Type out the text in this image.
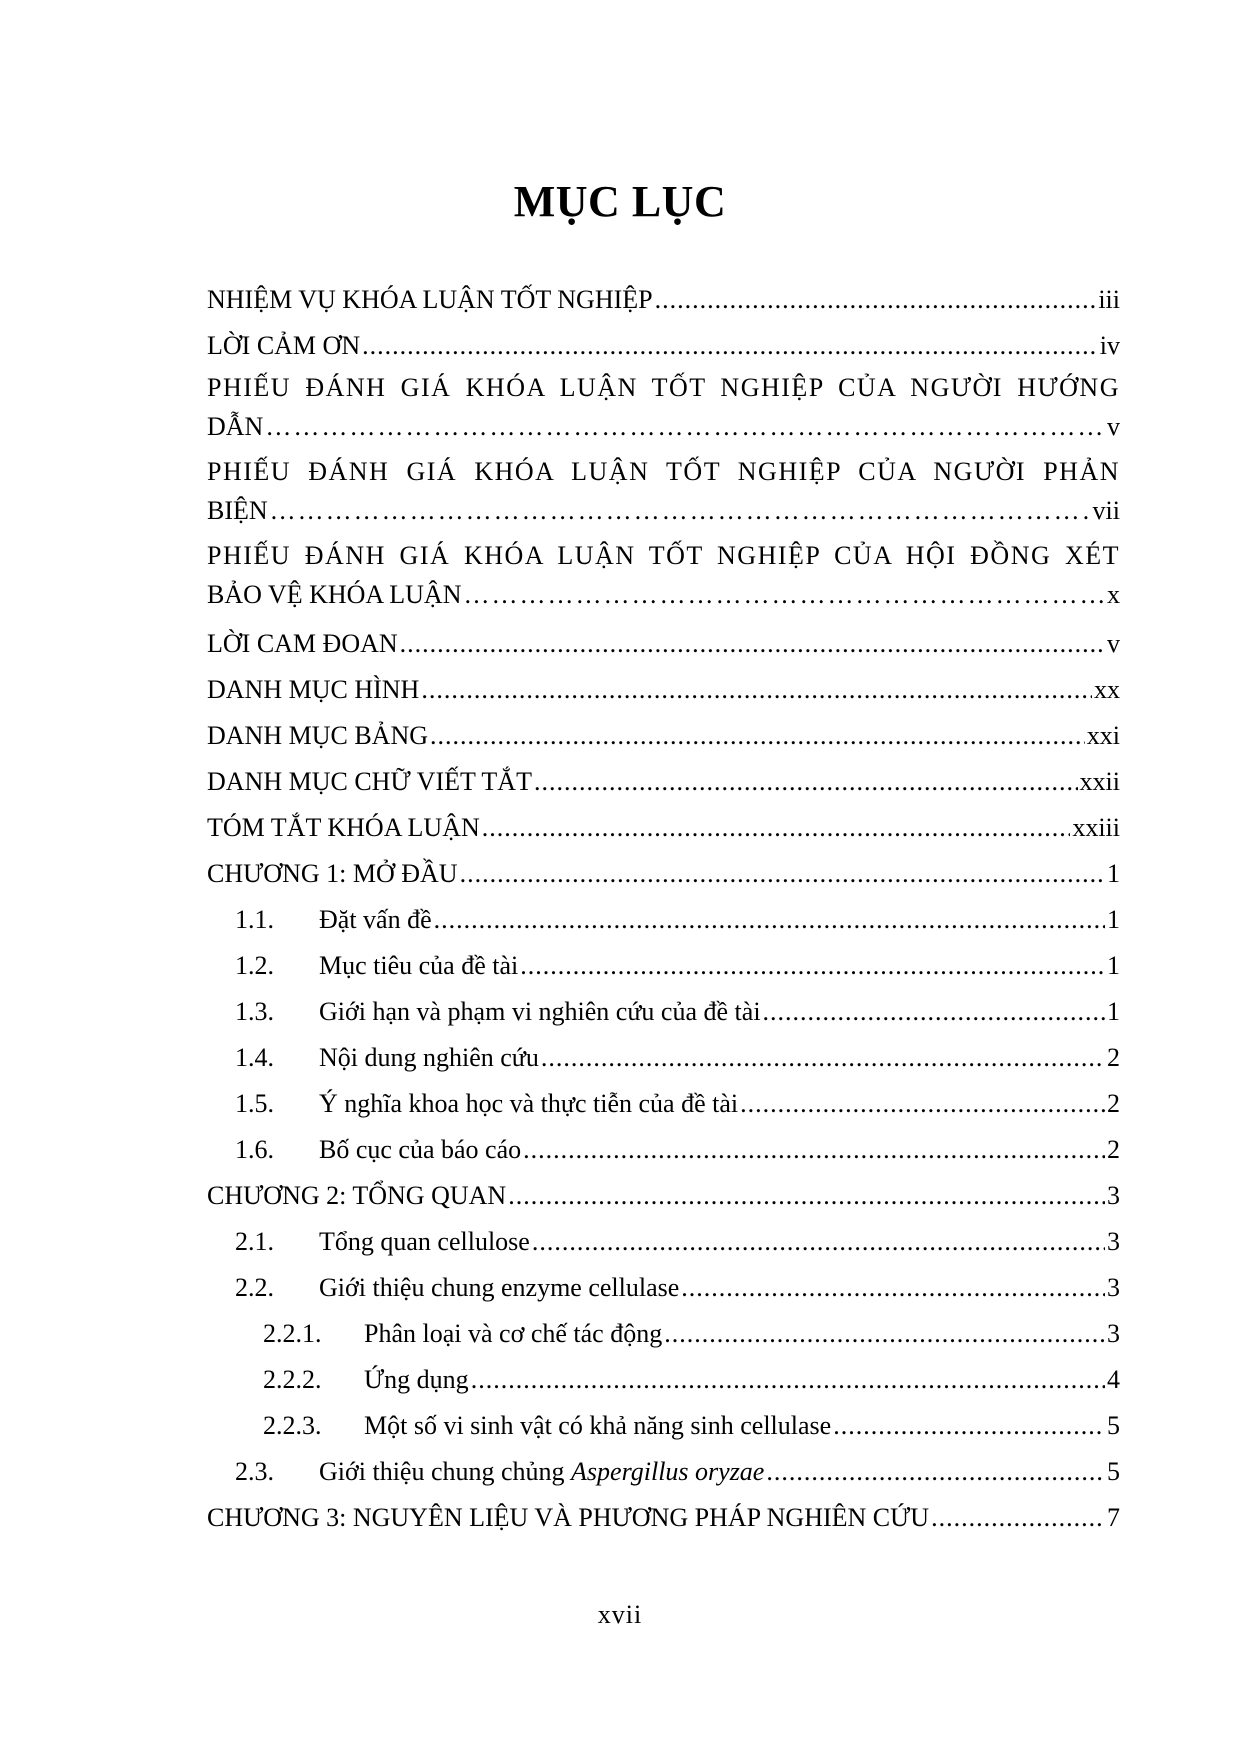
MỤC LỤC
NHIỆM VỤ KHÓA LUẬN TỐT NGHIỆP .....	iii
LỜI CẢM ƠN .....	iv
PHIẾU ĐÁNH GIÁ KHÓA LUẬN TỐT NGHIỆP CỦA NGƯỜI HƯỚNG
DẪN ……………………………………………………………………………………………………………………………………………………………………………………	v
PHIẾU ĐÁNH GIÁ KHÓA LUẬN TỐT NGHIỆP CỦA NGƯỜI PHẢN
BIỆN ……………………………………………………………………………………………………………………………………………………………………………………	vii
PHIẾU ĐÁNH GIÁ KHÓA LUẬN TỐT NGHIỆP CỦA HỘI ĐỒNG XÉT
BẢO VỆ KHÓA LUẬN ……………………………………………………………………………………………………………………………………………………………………………………	x
LỜI CAM ĐOAN .....	v
DANH MỤC HÌNH .....	xx
DANH MỤC BẢNG .....	xxi
DANH MỤC CHỮ VIẾT TẮT .....	xxii
TÓM TẮT KHÓA LUẬN .....	xxiii
CHƯƠNG 1: MỞ ĐẦU .....	1
1.1.	Đặt vấn đề .....	1
1.2.	Mục tiêu của đề tài .....	1
1.3.	Giới hạn và phạm vi nghiên cứu của đề tài .....	1
1.4.	Nội dung nghiên cứu .....	2
1.5.	Ý nghĩa khoa học và thực tiễn của đề tài .....	2
1.6.	Bố cục của báo cáo .....	2
CHƯƠNG 2: TỔNG QUAN .....	3
2.1.	Tổng quan cellulose .....	3
2.2.	Giới thiệu chung enzyme cellulase .....	3
2.2.1.	Phân loại và cơ chế tác động .....	3
2.2.2.	Ứng dụng .....	4
2.2.3.	Một số vi sinh vật có khả năng sinh cellulase .....	5
2.3.	Giới thiệu chung chủng Aspergillus oryzae .....	5
CHƯƠNG 3: NGUYÊN LIỆU VÀ PHƯƠNG PHÁP NGHIÊN CỨU .....	7
xvii
